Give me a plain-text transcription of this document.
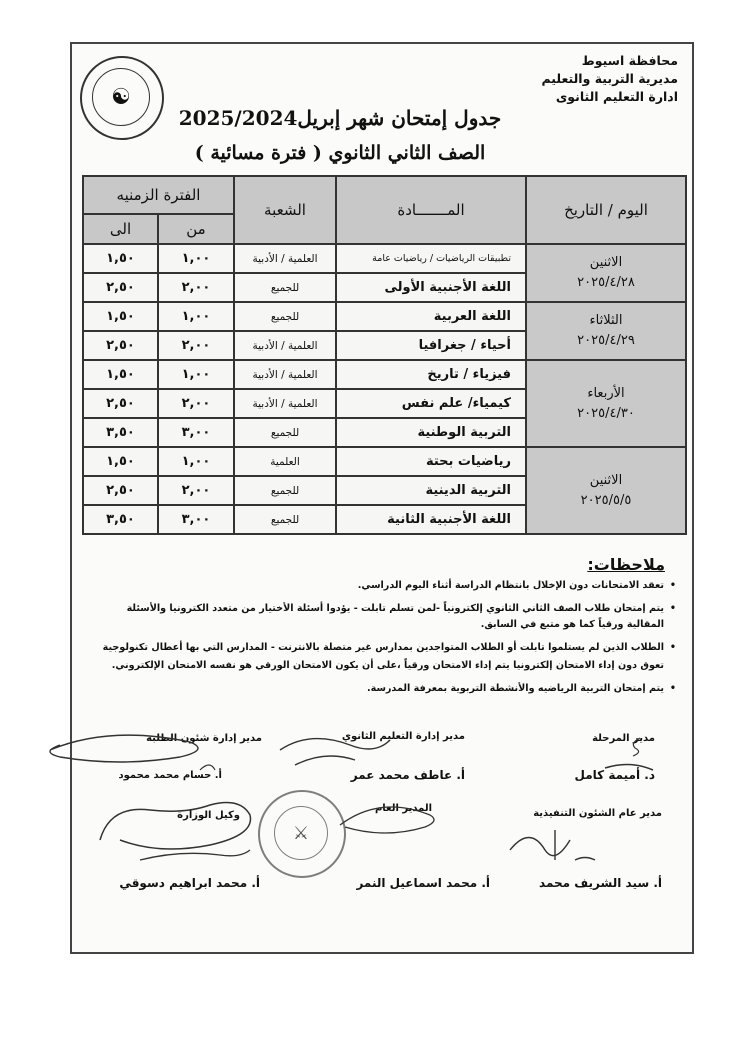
محافظة اسيوط
مديرية التربية والتعليم
ادارة التعليم الثانوى
☯
جدول إمتحان شهر إبريل2025/2024
الصف الثاني الثانوي ( فترة مسائية )
اليوم / التاريخ	المـــــــادة	الشعبة	الفترة الزمنيه	
			من	الى

الاثنين
٢٠٢٥/٤/٢٨	تطبيقات الرياضيات / رياضيات عامة	العلمية / الأدبية	١,٠٠	١,٥٠
	اللغة الأجنبية الأولى	للجميع	٢,٠٠	٢,٥٠

الثلاثاء
٢٠٢٥/٤/٢٩	اللغة العربية	للجميع	١,٠٠	١,٥٠
	أحياء / جغرافيا	العلمية / الأدبية	٢,٠٠	٢,٥٠

الأربعاء
٢٠٢٥/٤/٣٠	فيزياء / تاريخ	العلمية / الأدبية	١,٠٠	١,٥٠
	كيمياء/ علم نفس	العلمية / الأدبية	٢,٠٠	٢,٥٠
	التربية الوطنية	للجميع	٣,٠٠	٣,٥٠

الاثنين
٢٠٢٥/٥/٥	رياضيات بحتة	العلمية	١,٠٠	١,٥٠
	التربية الدينية	للجميع	٢,٠٠	٢,٥٠
	اللغة الأجنبية الثانية	للجميع	٣,٠٠	٣,٥٠
ملاحظات:
• تعقد الامتحانات دون الإخلال بانتظام الدراسة أثناء اليوم الدراسي.
• يتم إمتحان طلاب الصف الثاني الثانوي إلكترونياً -لمن تسلم تابلت - يؤدوا أسئلة الأختيار من متعدد الكترونيا والأسئلة
المقالية ورقياً كما هو متبع في السابق.
• الطلاب الذين لم يستلموا تابلت أو الطلاب المتواجدين بمدارس غير متصلة بالانترنت - المدارس التي بها أعطال تكنولوجية
تعوق دون إداء الامتحان إلكترونيا يتم إداء الامتحان ورقياً ،على أن يكون الامتحان الورقي هو نفسه الامتحان الإلكتروني.
• يتم إمتحان التربية الرياضيه والأنشطة التربوية بمعرفة المدرسة.
مدير المرحلة
د. أميمة كامل
مدير إدارة التعليم الثانوي
أ. عاطف محمد عمر
مدير إدارة شئون الطلبه
أ. حسام محمد محمود
مدير عام الشئون التنفيذية
أ. سيد الشريف محمد
المدير العام
أ. محمد اسماعيل النمر
وكيل الوزارة
أ. محمد ابراهيم دسوقي
⚔
